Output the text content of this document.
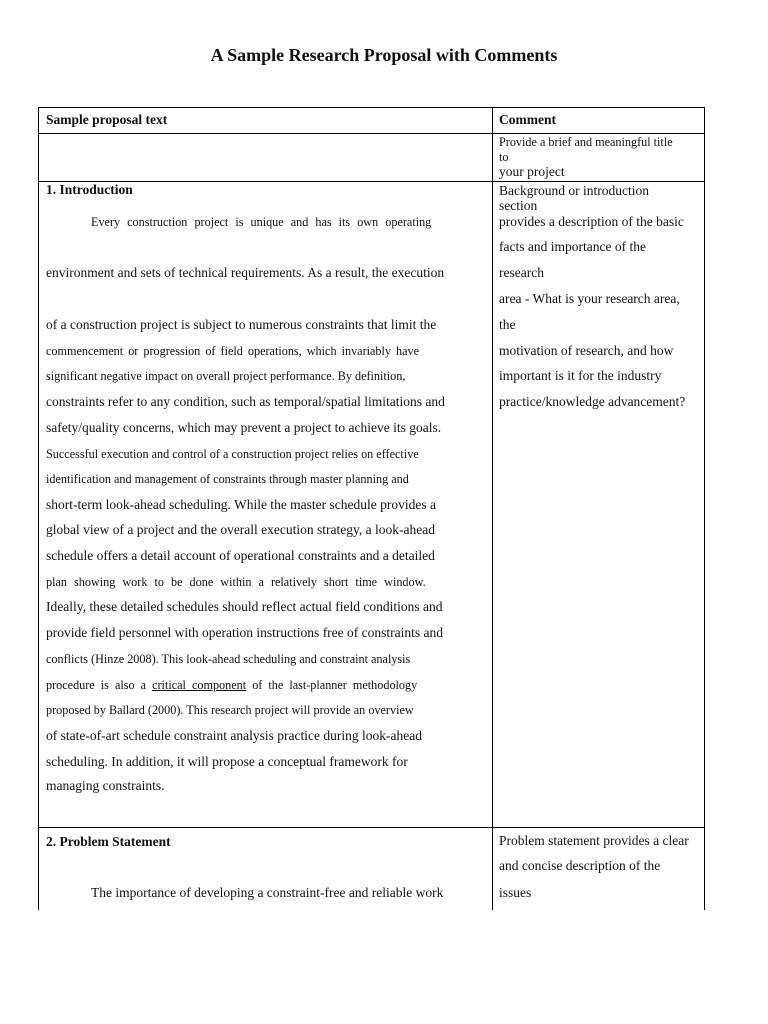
A Sample Research Proposal with Comments
Sample proposal text	Comment
Provide a brief and meaningful title
to
your project
1. Introduction
Every construction project is unique and has its own operating
environment and sets of technical requirements. As a result, the execution
of a construction project is subject to numerous constraints that limit the
commencement or progression of field operations, which invariably have
significant negative impact on overall project performance. By definition,
constraints refer to any condition, such as temporal/spatial limitations and
safety/quality concerns, which may prevent a project to achieve its goals.
Successful execution and control of a construction project relies on effective
identification and management of constraints through master planning and
short-term look-ahead scheduling. While the master schedule provides a
global view of a project and the overall execution strategy, a look-ahead
schedule offers a detail account of operational constraints and a detailed
plan showing work to be done within a relatively short time window.
Ideally, these detailed schedules should reflect actual field conditions and
provide field personnel with operation instructions free of constraints and
conflicts (Hinze 2008). This look-ahead scheduling and constraint analysis
procedure is also a critical component of the last-planner methodology
proposed by Ballard (2000). This research project will provide an overview
of state-of-art schedule constraint analysis practice during look-ahead
scheduling. In addition, it will propose a conceptual framework for
managing constraints.
Background or introduction
section
provides a description of the basic
facts and importance of the
research
area - What is your research area,
the
motivation of research, and how
important is it for the industry
practice/knowledge advancement?
2. Problem Statement
The importance of developing a constraint-free and reliable work
Problem statement provides a clear
and concise description of the
issues
